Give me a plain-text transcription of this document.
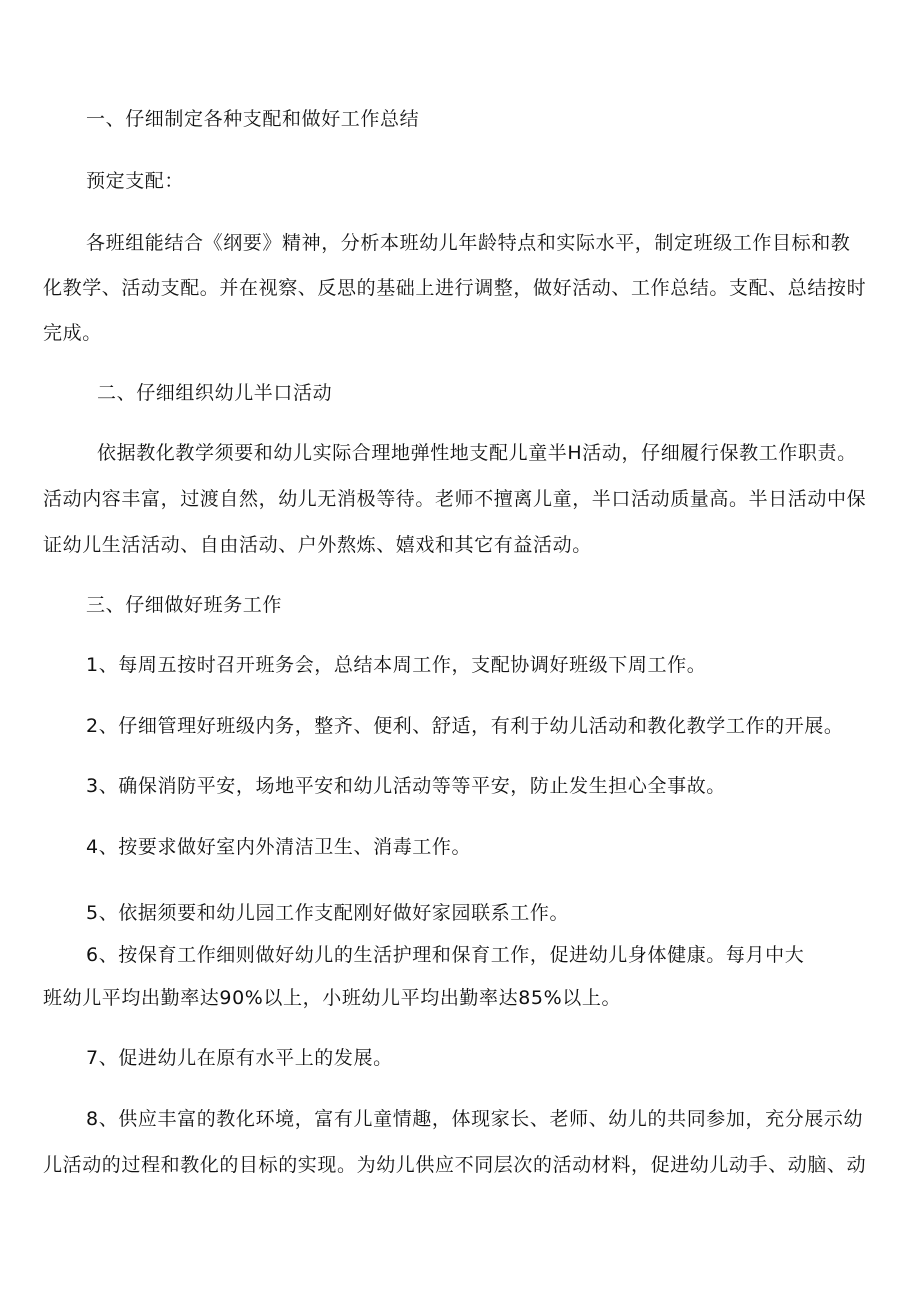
一、仔细制定各种支配和做好工作总结
预定支配：
各班组能结合《纲要》精神，分析本班幼儿年龄特点和实际水平，制定班级工作目标和教
化教学、活动支配。并在视察、反思的基础上进行调整，做好活动、工作总结。支配、总结按时
完成。
二、仔细组织幼儿半口活动
依据教化教学须要和幼儿实际合理地弹性地支配儿童半H活动，仔细履行保教工作职责。
活动内容丰富，过渡自然，幼儿无消极等待。老师不擅离儿童，半口活动质量高。半日活动中保
证幼儿生活活动、自由活动、户外熬炼、嬉戏和其它有益活动。
三、仔细做好班务工作
1、每周五按时召开班务会，总结本周工作，支配协调好班级下周工作。
2、仔细管理好班级内务，整齐、便利、舒适，有利于幼儿活动和教化教学工作的开展。
3、确保消防平安，场地平安和幼儿活动等等平安，防止发生担心全事故。
4、按要求做好室内外清洁卫生、消毒工作。
5、依据须要和幼儿园工作支配刚好做好家园联系工作。
6、按保育工作细则做好幼儿的生活护理和保育工作，促进幼儿身体健康。每月中大
班幼儿平均出勤率达90%以上，小班幼儿平均出勤率达85%以上。
7、促进幼儿在原有水平上的发展。
8、供应丰富的教化环境，富有儿童情趣，体现家长、老师、幼儿的共同参加，充分展示幼
儿活动的过程和教化的目标的实现。为幼儿供应不同层次的活动材料，促进幼儿动手、动脑、动
